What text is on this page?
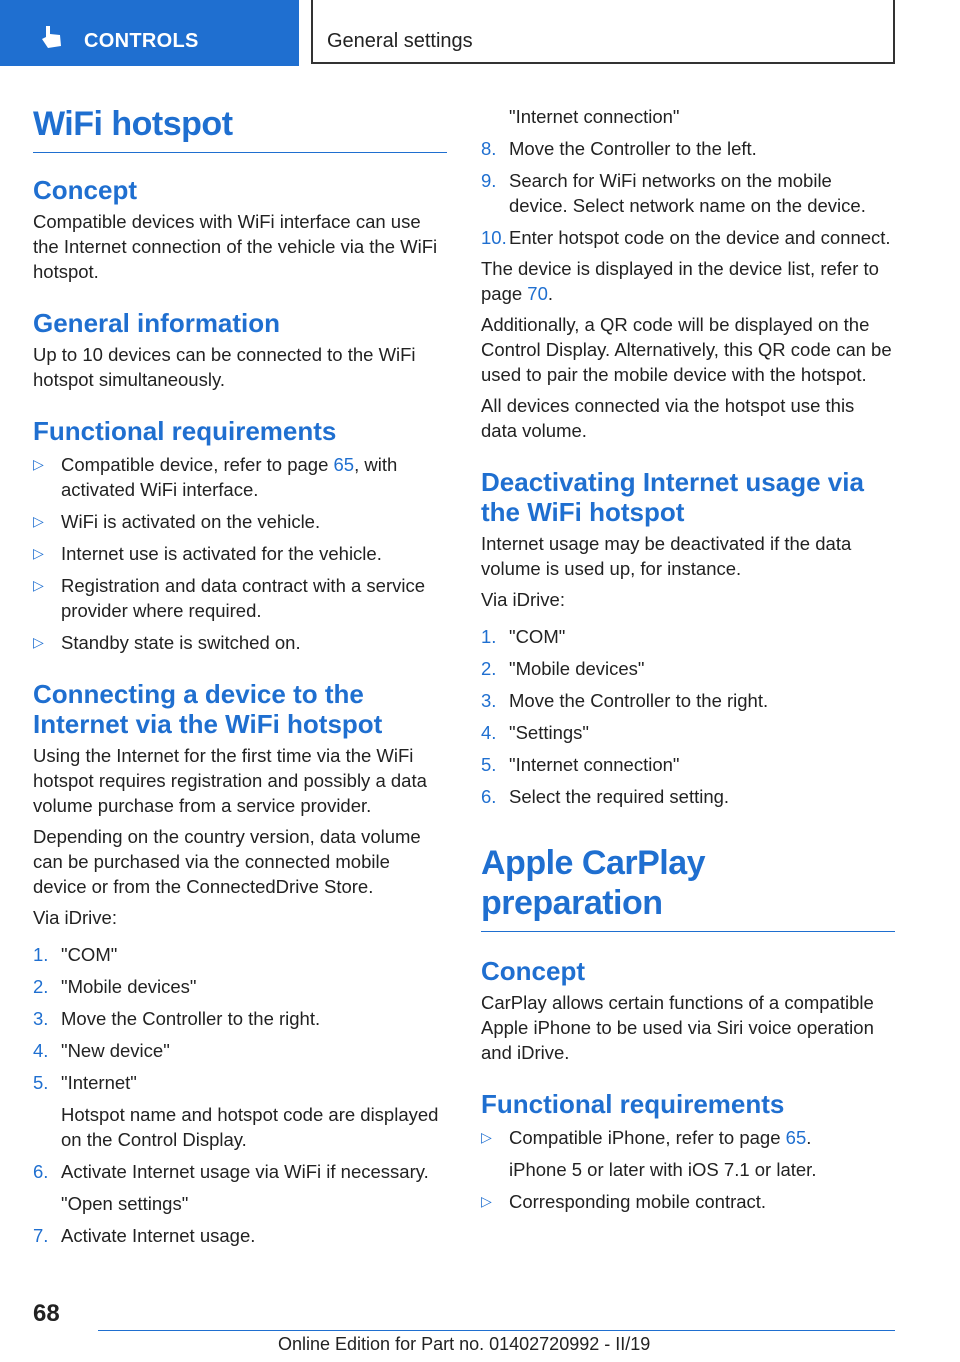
CONTROLS	General settings
WiFi hotspot
Concept

Compatible devices with WiFi interface can use the Internet connection of the vehicle via the WiFi hotspot.

General information

Up to 10 devices can be connected to the WiFi hotspot simultaneously.

Functional requirements
▷ Compatible device, refer to page 65, with activated WiFi interface.
▷ WiFi is activated on the vehicle.
▷ Internet use is activated for the vehicle.
▷ Registration and data contract with a service provider where required.
▷ Standby state is switched on.
Connecting a device to the Internet via the WiFi hotspot

Using the Internet for the first time via the WiFi hotspot requires registration and possibly a data volume purchase from a service provider.

Depending on the country version, data volume can be purchased via the connected mobile device or from the ConnectedDrive Store.

Via iDrive:

1. "COM"
2. "Mobile devices"
3. Move the Controller to the right.
4. "New device"
5. "Internet"
Hotspot name and hotspot code are displayed on the Control Display.
6. Activate Internet usage via WiFi if necessary.
"Open settings"
7. Activate Internet usage.
"Internet connection"
8. Move the Controller to the left.
9. Search for WiFi networks on the mobile device. Select network name on the device.
10. Enter hotspot code on the device and connect.

The device is displayed in the device list, refer to page 70.

Additionally, a QR code will be displayed on the Control Display. Alternatively, this QR code can be used to pair the mobile device with the hotspot.

All devices connected via the hotspot use this data volume.

Deactivating Internet usage via the WiFi hotspot

Internet usage may be deactivated if the data volume is used up, for instance.

Via iDrive:

1. "COM"
2. "Mobile devices"
3. Move the Controller to the right.
4. "Settings"
5. "Internet connection"
6. Select the required setting.
Apple CarPlay preparation
Concept

CarPlay allows certain functions of a compatible Apple iPhone to be used via Siri voice operation and iDrive.

Functional requirements
▷ Compatible iPhone, refer to page 65.
iPhone 5 or later with iOS 7.1 or later.
▷ Corresponding mobile contract.
68
Online Edition for Part no. 01402720992 - II/19
